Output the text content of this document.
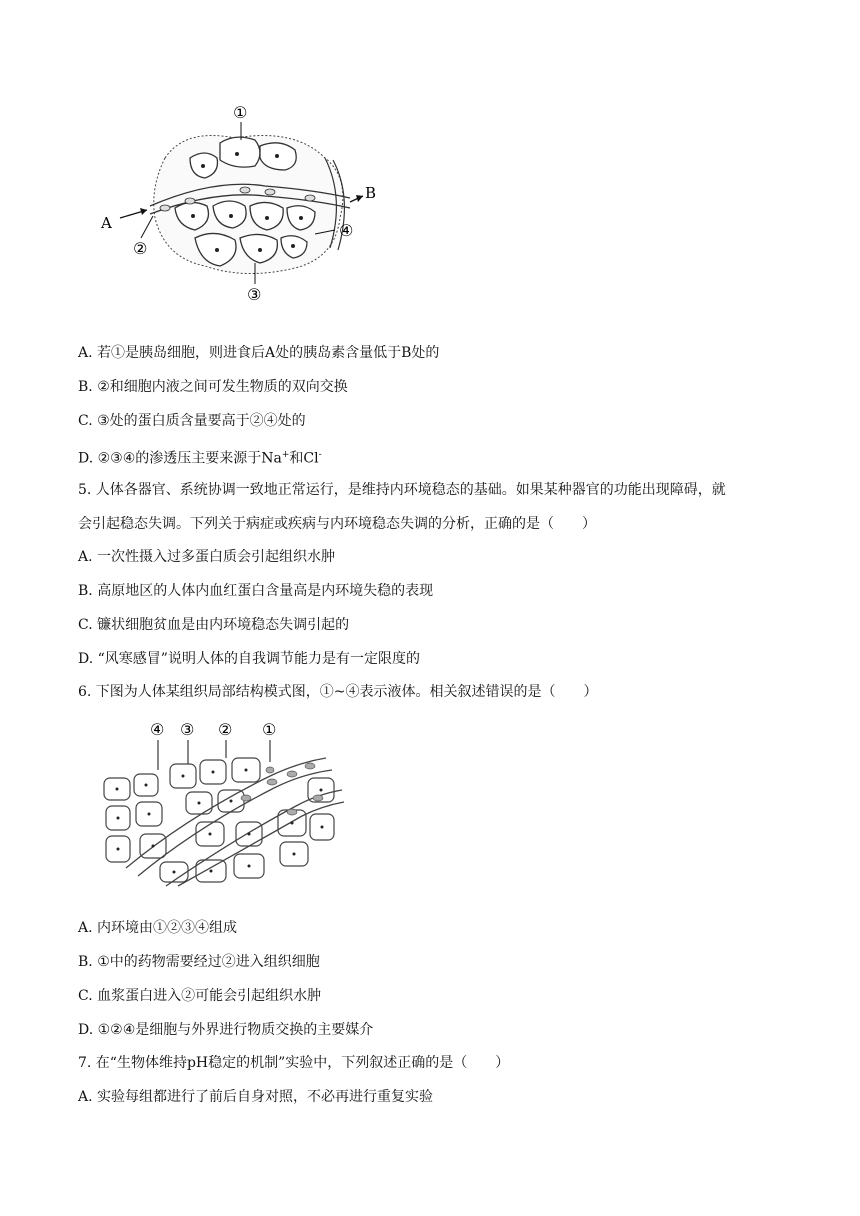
①
②
③
④
A
B
A. 若①是胰岛细胞，则进食后A处的胰岛素含量低于B处的
B. ②和细胞内液之间可发生物质的双向交换
C. ③处的蛋白质含量要高于②④处的
D. ②③④的渗透压主要来源于Na+和Cl-
5. 人体各器官、系统协调一致地正常运行，是维持内环境稳态的基础。如果某种器官的功能出现障碍，就
会引起稳态失调。下列关于病症或疾病与内环境稳态失调的分析，正确的是（　　）
A. 一次性摄入过多蛋白质会引起组织水肿
B. 高原地区的人体内血红蛋白含量高是内环境失稳的表现
C. 镰状细胞贫血是由内环境稳态失调引起的
D. “风寒感冒”说明人体的自我调节能力是有一定限度的
6. 下图为人体某组织局部结构模式图，①~④表示液体。相关叙述错误的是（　　）
④ ③ ② ①
A. 内环境由①②③④组成
B. ①中的药物需要经过②进入组织细胞
C. 血浆蛋白进入②可能会引起组织水肿
D. ①②④是细胞与外界进行物质交换的主要媒介
7. 在“生物体维持pH稳定的机制”实验中，下列叙述正确的是（　　）
A. 实验每组都进行了前后自身对照，不必再进行重复实验
